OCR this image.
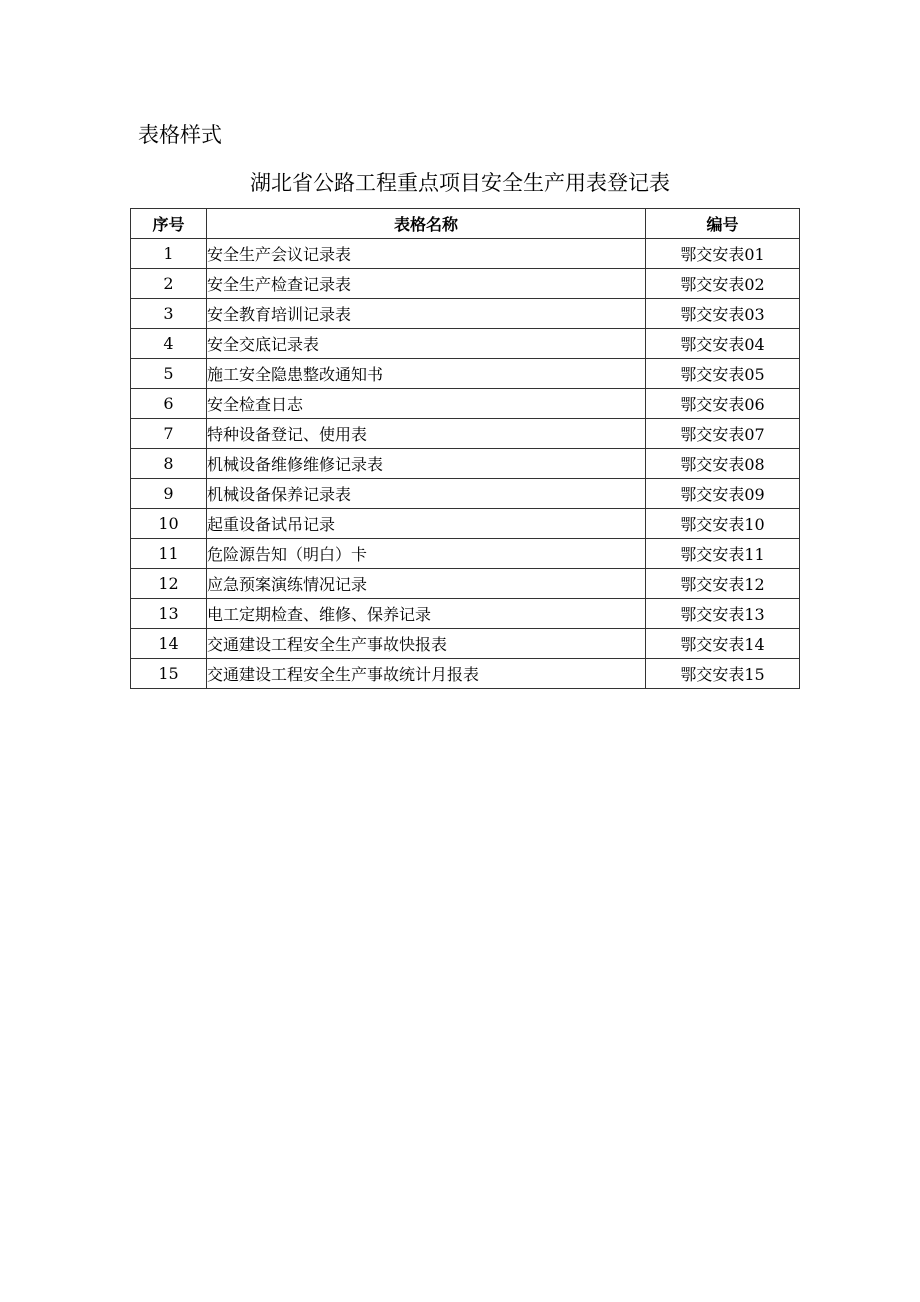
表格样式
湖北省公路工程重点项目安全生产用表登记表
序号	表格名称	编号
1	安全生产会议记录表	鄂交安表01
2	安全生产检查记录表	鄂交安表02
3	安全教育培训记录表	鄂交安表03
4	安全交底记录表	鄂交安表04
5	施工安全隐患整改通知书	鄂交安表05
6	安全检查日志	鄂交安表06
7	特种设备登记、使用表	鄂交安表07
8	机械设备维修维修记录表	鄂交安表08
9	机械设备保养记录表	鄂交安表09
10	起重设备试吊记录	鄂交安表10
11	危险源告知（明白）卡	鄂交安表11
12	应急预案演练情况记录	鄂交安表12
13	电工定期检查、维修、保养记录	鄂交安表13
14	交通建设工程安全生产事故快报表	鄂交安表14
15	交通建设工程安全生产事故统计月报表	鄂交安表15
